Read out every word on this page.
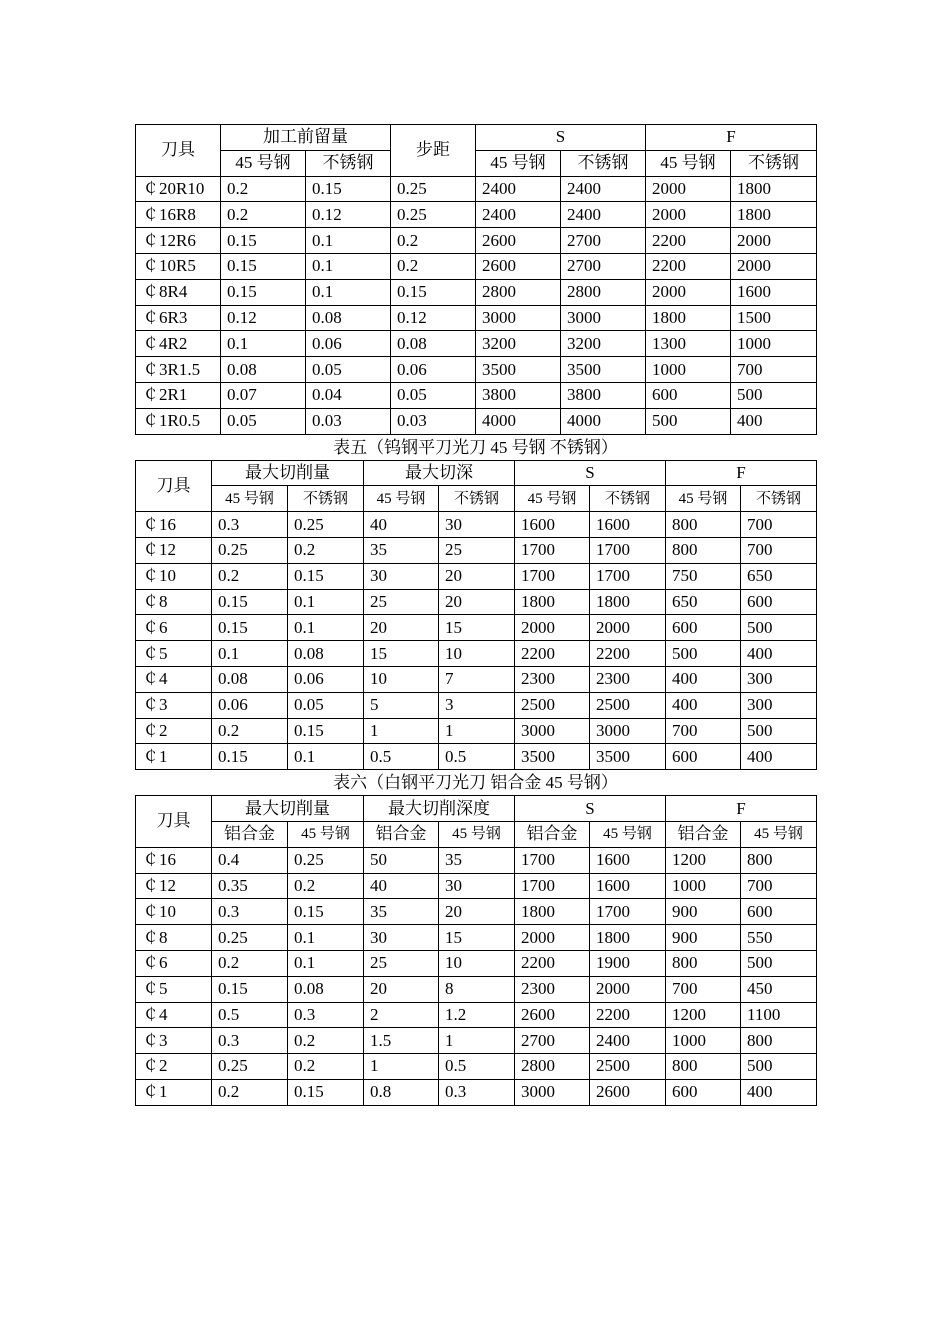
刀具	加工前留量		步距	S		F	
	45 号钢	不锈钢		45 号钢	不锈钢	45 号钢	不锈钢
￠20R10	0.2	0.15	0.25	2400	2400	2000	1800
￠16R8	0.2	0.12	0.25	2400	2400	2000	1800
￠12R6	0.15	0.1	0.2	2600	2700	2200	2000
￠10R5	0.15	0.1	0.2	2600	2700	2200	2000
￠8R4	0.15	0.1	0.15	2800	2800	2000	1600
￠6R3	0.12	0.08	0.12	3000	3000	1800	1500
￠4R2	0.1	0.06	0.08	3200	3200	1300	1000
￠3R1.5	0.08	0.05	0.06	3500	3500	1000	700
￠2R1	0.07	0.04	0.05	3800	3800	600	500
￠1R0.5	0.05	0.03	0.03	4000	4000	500	400
表五（钨钢平刀光刀 45 号钢 不锈钢）
刀具	最大切削量		最大切深		S		F	
	45 号钢	不锈钢	45 号钢	不锈钢	45 号钢	不锈钢	45 号钢	不锈钢
￠16	0.3	0.25	40	30	1600	1600	800	700
￠12	0.25	0.2	35	25	1700	1700	800	700
￠10	0.2	0.15	30	20	1700	1700	750	650
￠8	0.15	0.1	25	20	1800	1800	650	600
￠6	0.15	0.1	20	15	2000	2000	600	500
￠5	0.1	0.08	15	10	2200	2200	500	400
￠4	0.08	0.06	10	7	2300	2300	400	300
￠3	0.06	0.05	5	3	2500	2500	400	300
￠2	0.2	0.15	1	1	3000	3000	700	500
￠1	0.15	0.1	0.5	0.5	3500	3500	600	400
表六（白钢平刀光刀 铝合金 45 号钢）
刀具	最大切削量		最大切削深度		S		F	
	铝合金	45 号钢	铝合金	45 号钢	铝合金	45 号钢	铝合金	45 号钢
￠16	0.4	0.25	50	35	1700	1600	1200	800
￠12	0.35	0.2	40	30	1700	1600	1000	700
￠10	0.3	0.15	35	20	1800	1700	900	600
￠8	0.25	0.1	30	15	2000	1800	900	550
￠6	0.2	0.1	25	10	2200	1900	800	500
￠5	0.15	0.08	20	8	2300	2000	700	450
￠4	0.5	0.3	2	1.2	2600	2200	1200	1100
￠3	0.3	0.2	1.5	1	2700	2400	1000	800
￠2	0.25	0.2	1	0.5	2800	2500	800	500
￠1	0.2	0.15	0.8	0.3	3000	2600	600	400
